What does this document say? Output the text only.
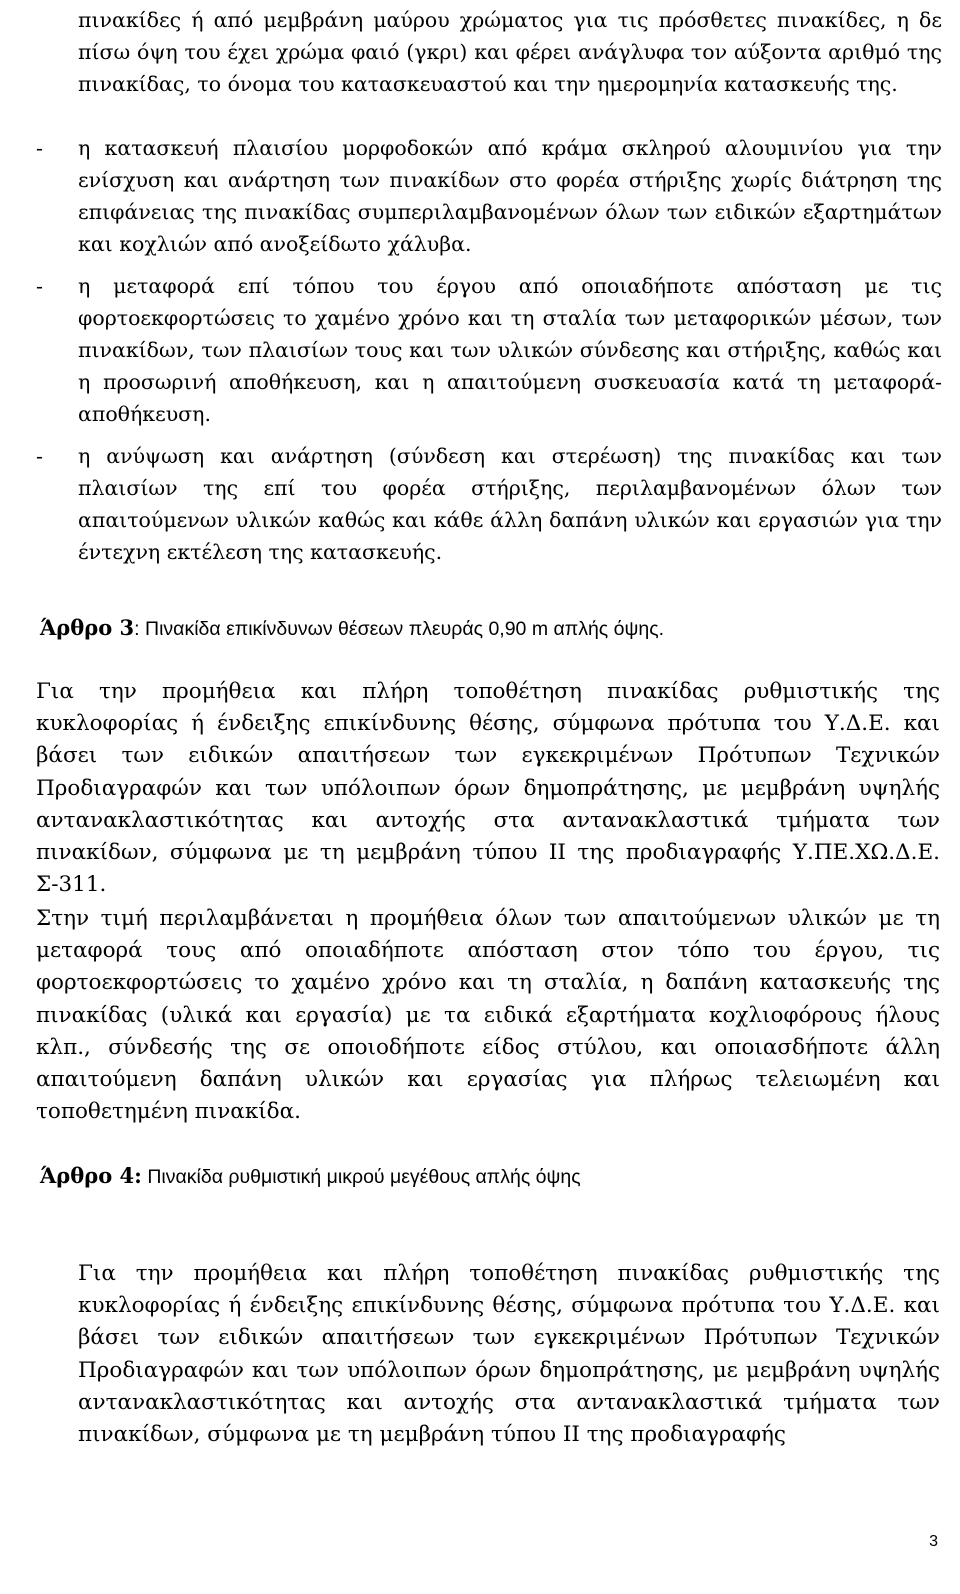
πινακίδες ή από μεμβράνη μαύρου χρώματος για τις πρόσθετες πινακίδες, η δε πίσω όψη του έχει χρώμα φαιό (γκρι) και φέρει ανάγλυφα τον αύξοντα αριθμό της πινακίδας, το όνομα του κατασκευαστού και την ημερομηνία κατασκευής της.

- η κατασκευή πλαισίου μορφοδοκών από κράμα σκληρού αλουμινίου για την ενίσχυση και ανάρτηση των πινακίδων στο φορέα στήριξης χωρίς διάτρηση της επιφάνειας της πινακίδας συμπεριλαμβανομένων όλων των ειδικών εξαρτημάτων και κοχλιών από ανοξείδωτο χάλυβα.
- η μεταφορά επί τόπου του έργου από οποιαδήποτε απόσταση με τις φορτοεκφορτώσεις το χαμένο χρόνο και τη σταλία των μεταφορικών μέσων, των πινακίδων, των πλαισίων τους και των υλικών σύνδεσης και στήριξης, καθώς και η προσωρινή αποθήκευση, και η απαιτούμενη συσκευασία κατά τη μεταφορά-αποθήκευση.
- η ανύψωση και ανάρτηση (σύνδεση και στερέωση) της πινακίδας και των πλαισίων της επί του φορέα στήριξης, περιλαμβανομένων όλων των απαιτούμενων υλικών καθώς και κάθε άλλη δαπάνη υλικών και εργασιών για την έντεχνη εκτέλεση της κατασκευής.

Άρθρο 3: Πινακίδα επικίνδυνων θέσεων πλευράς 0,90 m απλής όψης.

Για την προμήθεια και πλήρη τοποθέτηση πινακίδας ρυθμιστικής της κυκλοφορίας ή ένδειξης επικίνδυνης θέσης, σύμφωνα πρότυπα του Υ.Δ.Ε. και βάσει των ειδικών απαιτήσεων των εγκεκριμένων Πρότυπων Τεχνικών Προδιαγραφών και των υπόλοιπων όρων δημοπράτησης, με μεμβράνη υψηλής αντανακλαστικότητας και αντοχής στα αντανακλαστικά τμήματα των πινακίδων, σύμφωνα με τη μεμβράνη τύπου ΙΙ της προδιαγραφής Υ.ΠΕ.ΧΩ.Δ.Ε. Σ-311.

Στην τιμή περιλαμβάνεται η προμήθεια όλων των απαιτούμενων υλικών με τη μεταφορά τους από οποιαδήποτε απόσταση στον τόπο του έργου, τις φορτοεκφορτώσεις το χαμένο χρόνο και τη σταλία, η δαπάνη κατασκευής της πινακίδας (υλικά και εργασία) με τα ειδικά εξαρτήματα κοχλιοφόρους ήλους κλπ., σύνδεσής της σε οποιοδήποτε είδος στύλου, και οποιασδήποτε άλλη απαιτούμενη δαπάνη υλικών και εργασίας για πλήρως τελειωμένη και τοποθετημένη πινακίδα.

Άρθρο 4: Πινακίδα ρυθμιστική μικρού μεγέθους απλής όψης

Για την προμήθεια και πλήρη τοποθέτηση πινακίδας ρυθμιστικής της κυκλοφορίας ή ένδειξης επικίνδυνης θέσης, σύμφωνα πρότυπα του Υ.Δ.Ε. και βάσει των ειδικών απαιτήσεων των εγκεκριμένων Πρότυπων Τεχνικών Προδιαγραφών και των υπόλοιπων όρων δημοπράτησης, με μεμβράνη υψηλής αντανακλαστικότητας και αντοχής στα αντανακλαστικά τμήματα των πινακίδων, σύμφωνα με τη μεμβράνη τύπου ΙΙ της προδιαγραφής

3
